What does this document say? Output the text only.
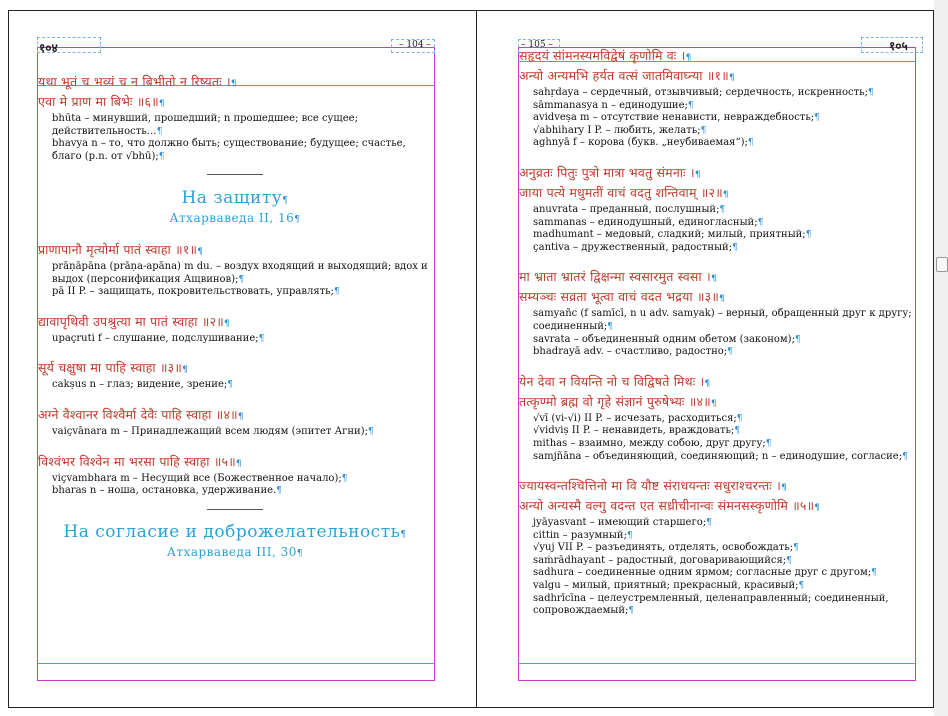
१०४	– 104 –
यथा भूतं च भव्यं च न बिभीतो न रिष्यतः ।¶
एवा मे प्राण मा बिभेः ॥६॥¶
bhūta – минувший, прошедший; n прошедшее; все сущее; действительность…¶
bhavya n – то, что должно быть; существование; будущее; счастье, благо (p.n. от √bhū);¶
На защиту¶
Атхарваведа II, 16¶
प्राणापानौ मृत्योर्मा पातं स्वाहा ॥१॥¶
prāṇāpāna (prāṇa-apāna) m du. – воздух входящий и выходящий; вдох и выдох (персонификация Ащвинов);¶
pā II P. – защищать, покровительствовать, управлять;¶
द्यावापृथिवी उपश्रुत्या मा पातं स्वाहा ॥२॥¶
upaçruti f – слушание, подслушивание;¶
सूर्य चक्षुषा मा पाहि स्वाहा ॥३॥¶
cakṣus n – глаз; видение, зрение;¶
अग्ने वैश्वानर विश्वैर्मा देवैः पाहि स्वाहा ॥४॥¶
vaiçvānara m – Принадлежащий всем людям (эпитет Агни);¶
विश्वंभर विश्वेन मा भरसा पाहि स्वाहा ॥५॥¶
viçvambhara m – Несущий все (Божественное начало);¶
bharas n – ноша, остановка, удерживание.¶
На согласие и доброжелательность¶
Атхарваведа III, 30¶
– 105 –	१०५
सहृदयं सांमनस्यमविद्वेषं कृणोमि वः ।¶
अन्यो अन्यमभि हर्यत वत्सं जातमिवाघ्न्या ॥१॥¶
sahṛdaya – сердечный, отзывчивый; сердечность, искренность;¶
sāmmanasya n – единодушие;¶
avidveṣa m – отсутствие ненависти, невраждебность;¶
√abhihary I P. – любить, желать;¶
aghnyā f – корова (букв. „неубиваемая“);¶
अनुव्रतः पितुः पुत्रो मात्रा भवतु संमनाः ।¶
जाया पत्ये मधुमतीं वाचं वदतु शन्तिवाम् ॥२॥¶
anuvrata – преданный, послушный;¶
sammanas – единодушный, единогласный;¶
madhumant – медовый, сладкий; милый, приятный;¶
çantiva – дружественный, радостный;¶
मा भ्राता भ्रातरं द्विक्षन्मा स्वसारमुत स्वसा ।¶
सम्यञ्चः सव्रता भूत्वा वाचं वदत भद्रया ॥३॥¶
samyañc (f samīcī, n u adv. samyak) – верный, обращенный друг к другу; соединенный;¶
savrata – объединенный одним обетом (законом);¶
bhadrayā adv. – счастливо, радостно;¶
येन देवा न वियन्ति नो च विद्विषते मिथः ।¶
तत्कृण्मो ब्रह्म वो गृहे संज्ञानं पुरुषेभ्यः ॥४॥¶
√vī (vi-√i) II P. – исчезать, расходиться;¶
√vidviṣ II P. – ненавидеть, враждовать;¶
mithas – взаимно, между собою, друг другу;¶
samjñāna – объединяющий, соединяющий; n – единодушие, согласие;¶
ज्यायस्वन्तश्चित्तिनो मा वि यौष्ट संराधयन्तः सधुराश्चरन्तः ।¶
अन्यो अन्यस्मै वल्गु वदन्त एत सध्रीचीनान्वः संमनसस्कृणोमि ॥५॥¶
jyāyasvant – имеющий старшего;¶
cittin – разумный;¶
√yuj VII P. – разъединять, отделять, освобождать;¶
saṁrādhayant – радостный, договаривающийся;¶
sadhura – соединенные одним ярмом; согласные друг с другом;¶
valgu – милый, приятный; прекрасный, красивый;¶
sadhrīcīna – целеустремленный, целенаправленный; соединенный, сопровождаемый;¶
